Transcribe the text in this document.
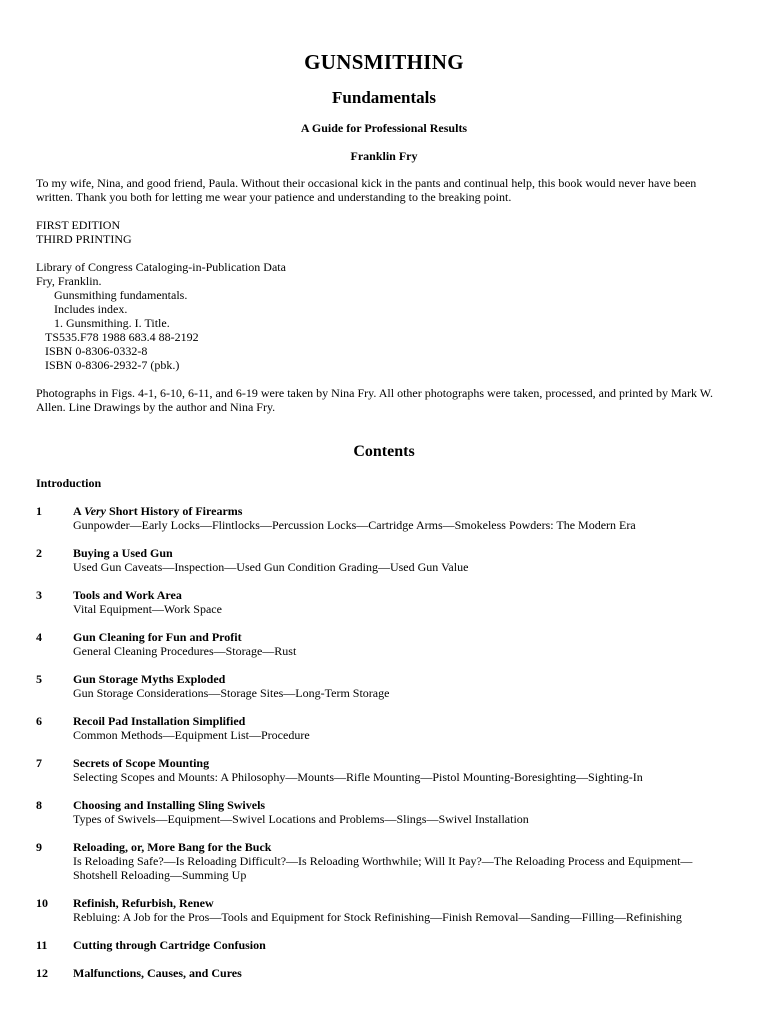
GUNSMITHING
Fundamentals
A Guide for Professional Results
Franklin Fry
To my wife, Nina, and good friend, Paula. Without their occasional kick in the pants and continual help, this book would never have been written. Thank you both for letting me wear your patience and understanding to the breaking point.
FIRST EDITION
THIRD PRINTING
Library of Congress Cataloging-in-Publication Data
Fry, Franklin.
Gunsmithing fundamentals.
Includes index.
1. Gunsmithing. I. Title.
TS535.F78 1988 683.4 88-2192
ISBN 0-8306-0332-8
ISBN 0-8306-2932-7 (pbk.)
Photographs in Figs. 4-1, 6-10, 6-11, and 6-19 were taken by Nina Fry. All other photographs were taken, processed, and printed by Mark W. Allen. Line Drawings by the author and Nina Fry.
Contents
Introduction
1	A Very Short History of Firearms
Gunpowder—Early Locks—Flintlocks—Percussion Locks—Cartridge Arms—Smokeless Powders: The Modern Era
2	Buying a Used Gun
Used Gun Caveats—Inspection—Used Gun Condition Grading—Used Gun Value
3	Tools and Work Area
Vital Equipment—Work Space
4	Gun Cleaning for Fun and Profit
General Cleaning Procedures—Storage—Rust
5	Gun Storage Myths Exploded
Gun Storage Considerations—Storage Sites—Long-Term Storage
6	Recoil Pad Installation Simplified
Common Methods—Equipment List—Procedure
7	Secrets of Scope Mounting
Selecting Scopes and Mounts: A Philosophy—Mounts—Rifle Mounting—Pistol Mounting-Boresighting—Sighting-In
8	Choosing and Installing Sling Swivels
Types of Swivels—Equipment—Swivel Locations and Problems—Slings—Swivel Installation
9	Reloading, or, More Bang for the Buck
Is Reloading Safe?—Is Reloading Difficult?—Is Reloading Worthwhile; Will It Pay?—The Reloading Process and Equipment—Shotshell Reloading—Summing Up
10 Refinish, Refurbish, Renew
Rebluing: A Job for the Pros—Tools and Equipment for Stock Refinishing—Finish Removal—Sanding—Filling—Refinishing
11 Cutting through Cartridge Confusion
12 Malfunctions, Causes, and Cures
